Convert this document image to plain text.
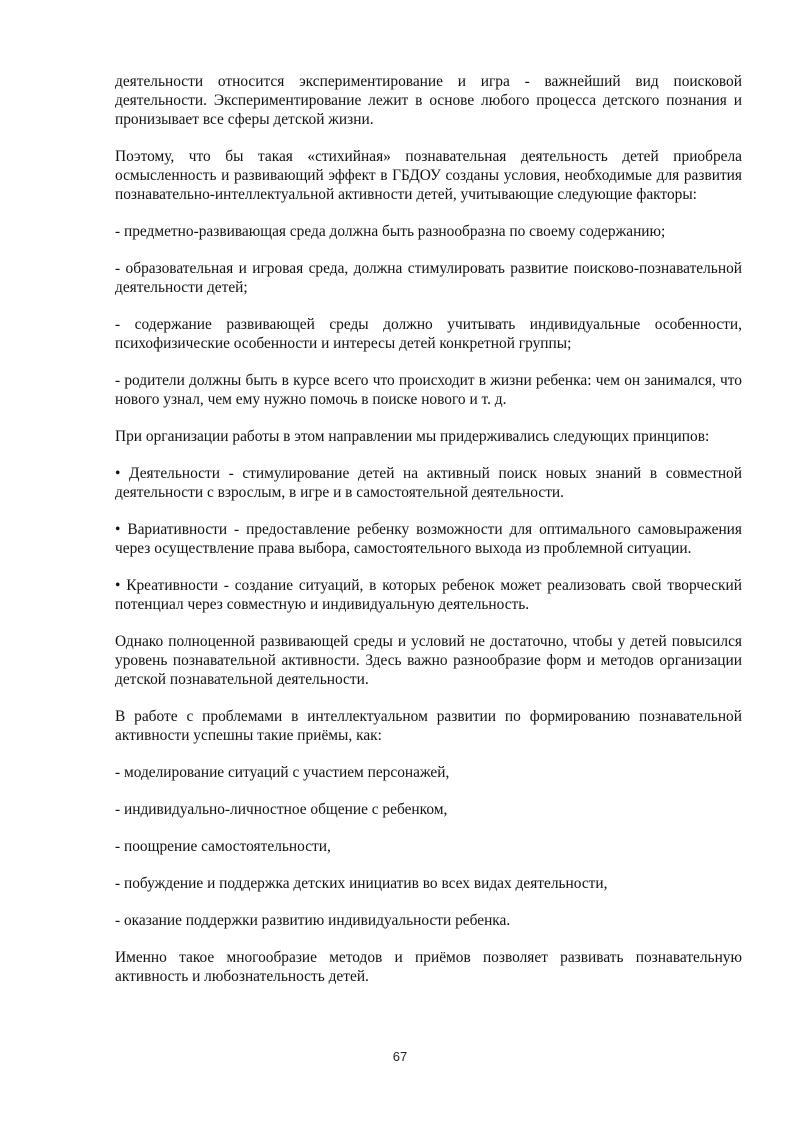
деятельности относится экспериментирование и игра - важнейший вид поисковой деятельности. Экспериментирование лежит в основе любого процесса детского познания и пронизывает все сферы детской жизни.

Поэтому, что бы такая «стихийная» познавательная деятельность детей приобрела осмысленность и развивающий эффект в ГБДОУ созданы условия, необходимые для развития познавательно-интеллектуальной активности детей, учитывающие следующие факторы:

- предметно-развивающая среда должна быть разнообразна по своему содержанию;

- образовательная и игровая среда, должна стимулировать развитие поисково-познавательной деятельности детей;

- содержание развивающей среды должно учитывать индивидуальные особенности, психофизические особенности и интересы детей конкретной группы;

- родители должны быть в курсе всего что происходит в жизни ребенка: чем он занимался, что нового узнал, чем ему нужно помочь в поиске нового и т. д.

При организации работы в этом направлении мы придерживались следующих принципов:

• Деятельности - стимулирование детей на активный поиск новых знаний в совместной деятельности с взрослым, в игре и в самостоятельной деятельности.

• Вариативности - предоставление ребенку возможности для оптимального самовыражения через осуществление права выбора, самостоятельного выхода из проблемной ситуации.

• Креативности - создание ситуаций, в которых ребенок может реализовать свой творческий потенциал через совместную и индивидуальную деятельность.

Однако полноценной развивающей среды и условий не достаточно, чтобы у детей повысился уровень познавательной активности. Здесь важно разнообразие форм и методов организации детской познавательной деятельности.

В работе с проблемами в интеллектуальном развитии по формированию познавательной активности успешны такие приёмы, как:

- моделирование ситуаций с участием персонажей,

- индивидуально-личностное общение с ребенком,

- поощрение самостоятельности,

- побуждение и поддержка детских инициатив во всех видах деятельности,

- оказание поддержки развитию индивидуальности ребенка.

Именно такое многообразие методов и приёмов позволяет развивать познавательную активность и любознательность детей.

67
